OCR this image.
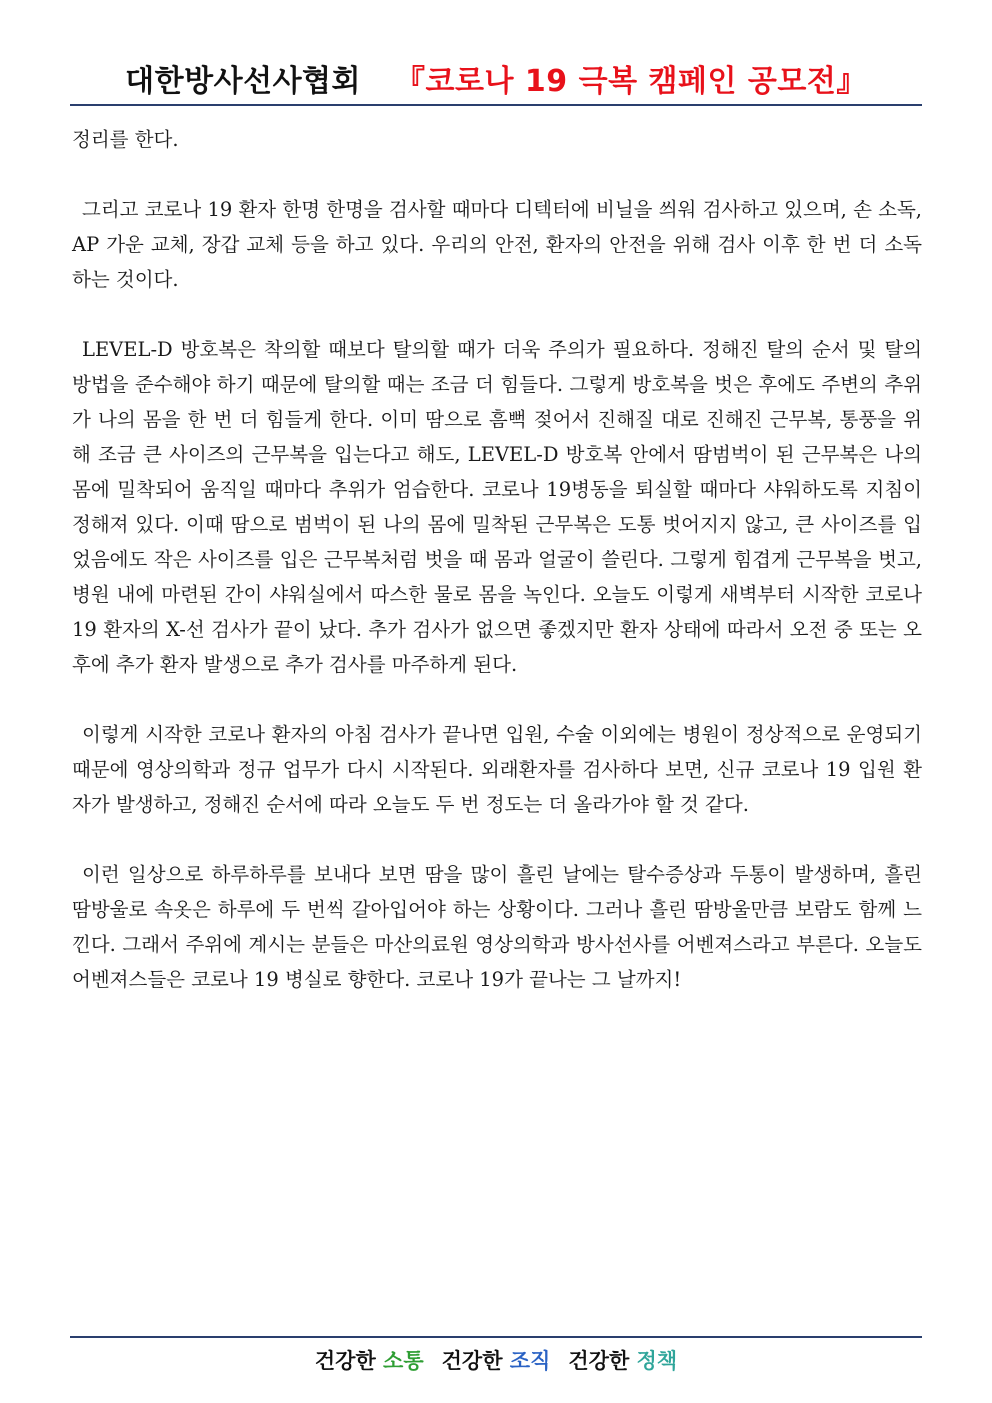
대한방사선사협회 『코로나 19 극복 캠페인 공모전』

정리를 한다.

그리고 코로나 19 환자 한명 한명을 검사할 때마다 디텍터에 비닐을 씌워 검사하고 있으며, 손 소독, AP 가운 교체, 장갑 교체 등을 하고 있다. 우리의 안전, 환자의 안전을 위해 검사 이후 한 번 더 소독하는 것이다.

LEVEL-D 방호복은 착의할 때보다 탈의할 때가 더욱 주의가 필요하다. 정해진 탈의 순서 및 탈의 방법을 준수해야 하기 때문에 탈의할 때는 조금 더 힘들다. 그렇게 방호복을 벗은 후에도 주변의 추위가 나의 몸을 한 번 더 힘들게 한다. 이미 땀으로 흠뻑 젖어서 진해질 대로 진해진 근무복, 통풍을 위해 조금 큰 사이즈의 근무복을 입는다고 해도, LEVEL-D 방호복 안에서 땀범벅이 된 근무복은 나의 몸에 밀착되어 움직일 때마다 추위가 엄습한다. 코로나 19병동을 퇴실할 때마다 샤워하도록 지침이 정해져 있다. 이때 땀으로 범벅이 된 나의 몸에 밀착된 근무복은 도통 벗어지지 않고, 큰 사이즈를 입었음에도 작은 사이즈를 입은 근무복처럼 벗을 때 몸과 얼굴이 쓸린다. 그렇게 힘겹게 근무복을 벗고, 병원 내에 마련된 간이 샤워실에서 따스한 물로 몸을 녹인다. 오늘도 이렇게 새벽부터 시작한 코로나 19 환자의 X-선 검사가 끝이 났다. 추가 검사가 없으면 좋겠지만 환자 상태에 따라서 오전 중 또는 오후에 추가 환자 발생으로 추가 검사를 마주하게 된다.

이렇게 시작한 코로나 환자의 아침 검사가 끝나면 입원, 수술 이외에는 병원이 정상적으로 운영되기 때문에 영상의학과 정규 업무가 다시 시작된다. 외래환자를 검사하다 보면, 신규 코로나 19 입원 환자가 발생하고, 정해진 순서에 따라 오늘도 두 번 정도는 더 올라가야 할 것 같다.

이런 일상으로 하루하루를 보내다 보면 땀을 많이 흘린 날에는 탈수증상과 두통이 발생하며, 흘린 땀방울로 속옷은 하루에 두 번씩 갈아입어야 하는 상황이다. 그러나 흘린 땀방울만큼 보람도 함께 느낀다. 그래서 주위에 계시는 분들은 마산의료원 영상의학과 방사선사를 어벤져스라고 부른다. 오늘도 어벤져스들은 코로나 19 병실로 향한다. 코로나 19가 끝나는 그 날까지!

건강한 소통 건강한 조직 건강한 정책
